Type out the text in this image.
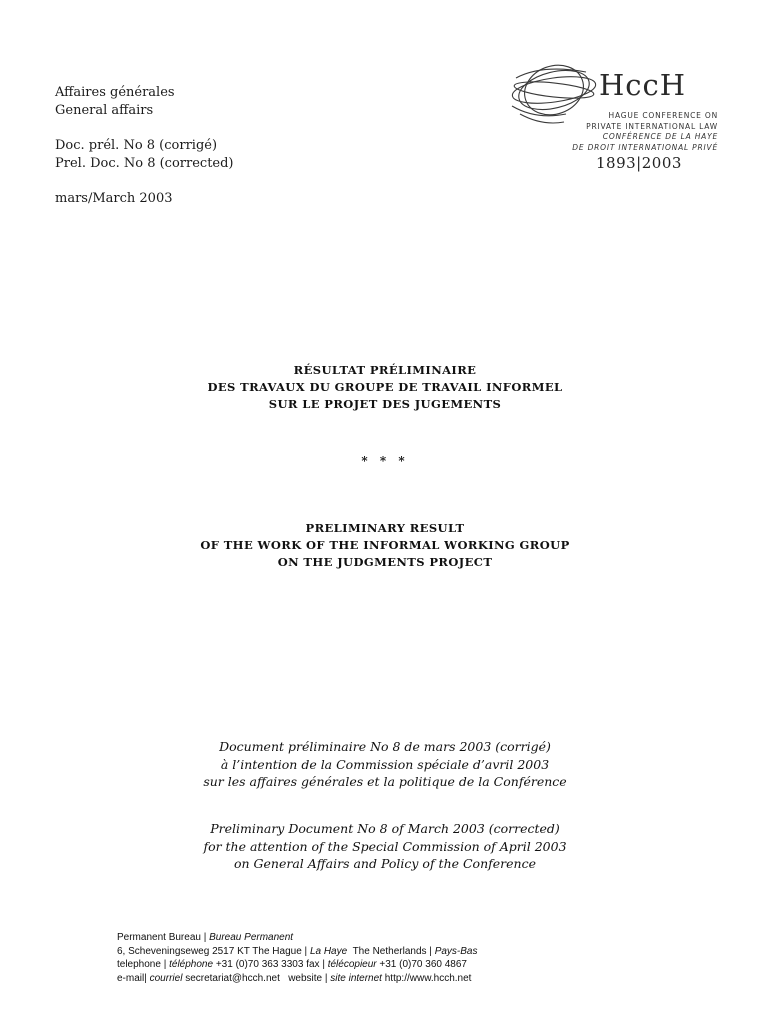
Affaires générales
General affairs
Doc. prél. No 8 (corrigé)
Prel. Doc. No 8 (corrected)
mars/March 2003
HccH
HAGUE CONFERENCE ON
PRIVATE INTERNATIONAL LAW
CONFÉRENCE DE LA HAYE
DE DROIT INTERNATIONAL PRIVÉ
1893|2003
RÉSULTAT PRÉLIMINAIRE
DES TRAVAUX DU GROUPE DE TRAVAIL INFORMEL
SUR LE PROJET DES JUGEMENTS
* * *
PRELIMINARY RESULT
OF THE WORK OF THE INFORMAL WORKING GROUP
ON THE JUDGMENTS PROJECT
Document préliminaire No 8 de mars 2003 (corrigé)
à l’intention de la Commission spéciale d’avril 2003
sur les affaires générales et la politique de la Conférence
Preliminary Document No 8 of March 2003 (corrected)
for the attention of the Special Commission of April 2003
on General Affairs and Policy of the Conference
Permanent Bureau | Bureau Permanent
6, Scheveningseweg 2517 KT The Hague | La Haye The Netherlands | Pays-Bas
telephone | téléphone +31 (0)70 363 3303 fax | télécopieur +31 (0)70 360 4867
e-mail| courriel secretariat@hcch.net website | site internet http://www.hcch.net
